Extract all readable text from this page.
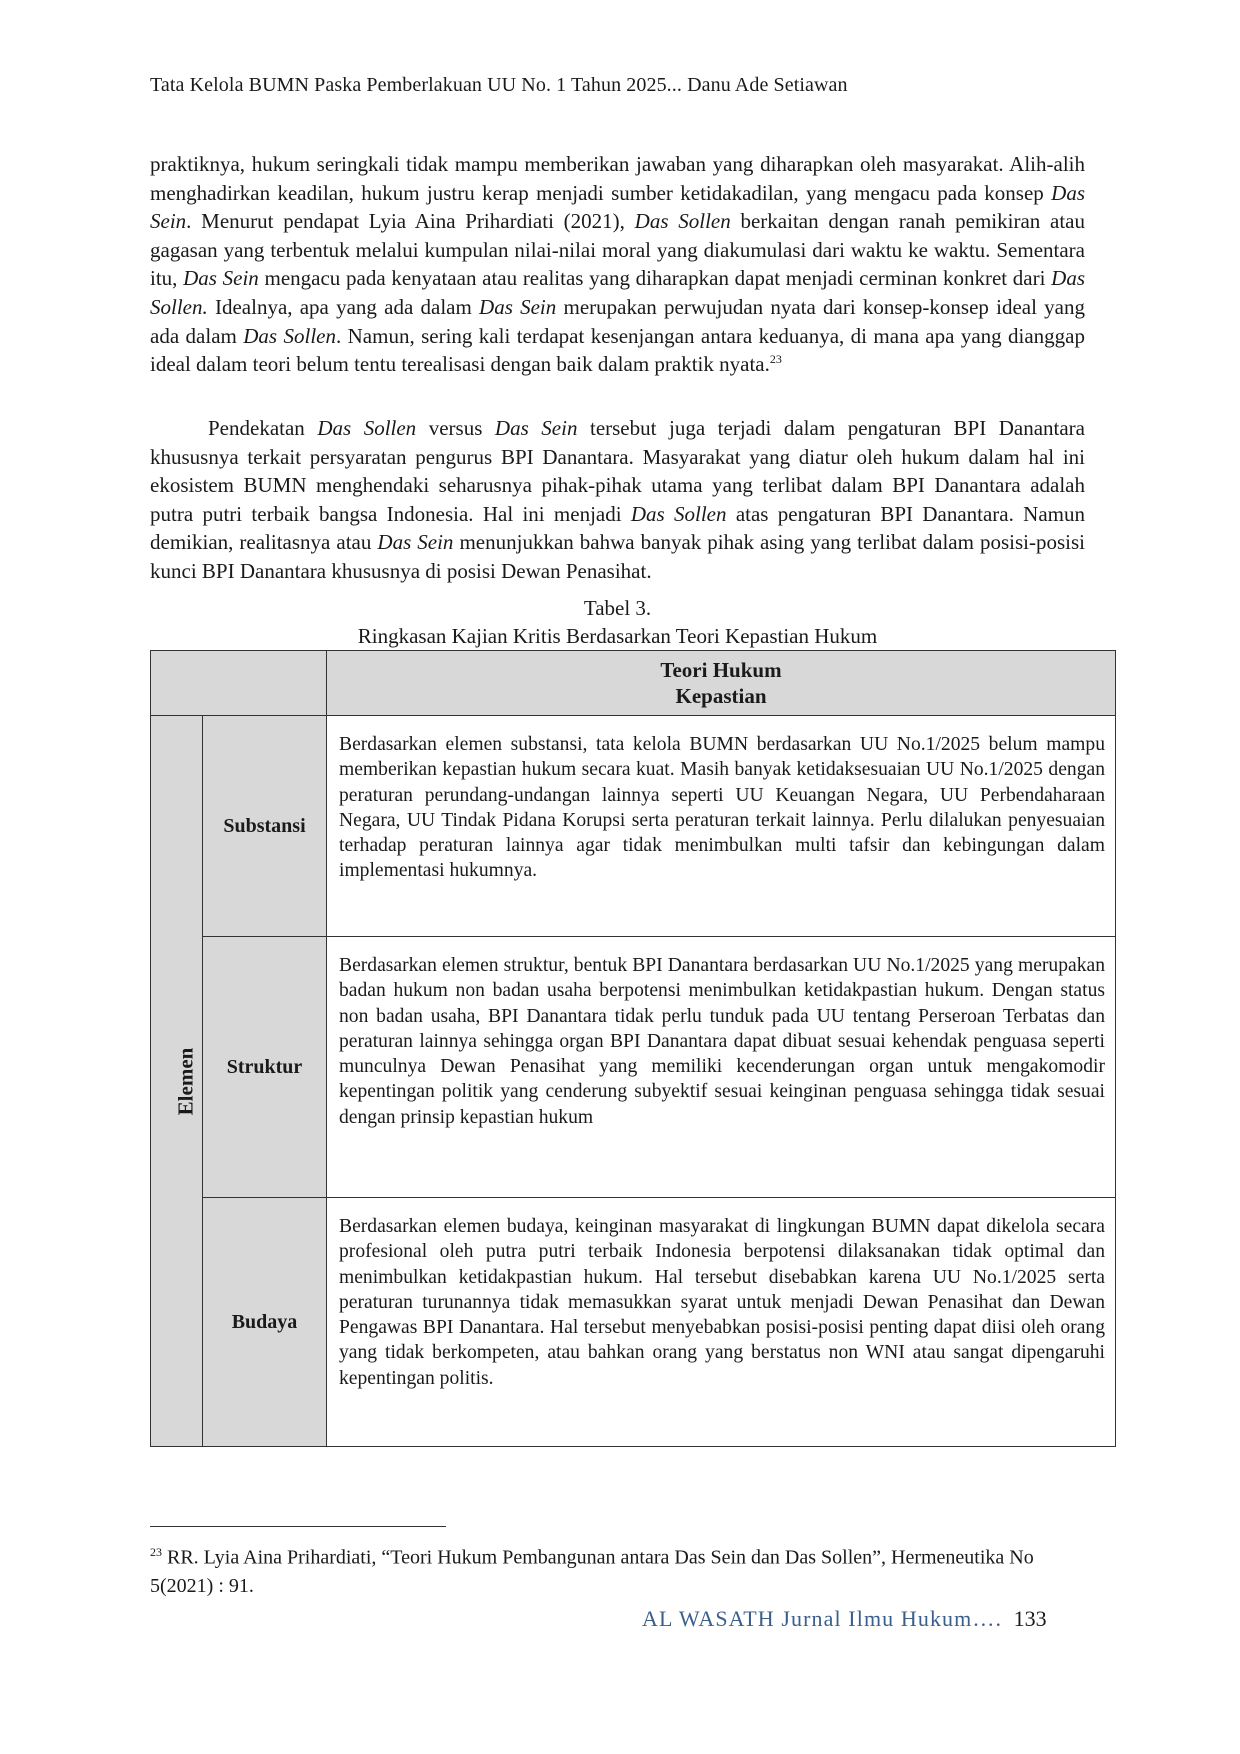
Tata Kelola BUMN Paska Pemberlakuan UU No. 1 Tahun 2025... Danu Ade Setiawan
praktiknya, hukum seringkali tidak mampu memberikan jawaban yang diharapkan oleh masyarakat. Alih-alih menghadirkan keadilan, hukum justru kerap menjadi sumber ketidakadilan, yang mengacu pada konsep Das Sein. Menurut pendapat Lyia Aina Prihardiati (2021), Das Sollen berkaitan dengan ranah pemikiran atau gagasan yang terbentuk melalui kumpulan nilai-nilai moral yang diakumulasi dari waktu ke waktu. Sementara itu, Das Sein mengacu pada kenyataan atau realitas yang diharapkan dapat menjadi cerminan konkret dari Das Sollen. Idealnya, apa yang ada dalam Das Sein merupakan perwujudan nyata dari konsep-konsep ideal yang ada dalam Das Sollen. Namun, sering kali terdapat kesenjangan antara keduanya, di mana apa yang dianggap ideal dalam teori belum tentu terealisasi dengan baik dalam praktik nyata.$^{23}$
Pendekatan Das Sollen versus Das Sein tersebut juga terjadi dalam pengaturan BPI Danantara khususnya terkait persyaratan pengurus BPI Danantara. Masyarakat yang diatur oleh hukum dalam hal ini ekosistem BUMN menghendaki seharusnya pihak-pihak utama yang terlibat dalam BPI Danantara adalah putra putri terbaik bangsa Indonesia. Hal ini menjadi Das Sollen atas pengaturan BPI Danantara. Namun demikian, realitasnya atau Das Sein menunjukkan bahwa banyak pihak asing yang terlibat dalam posisi-posisi kunci BPI Danantara khususnya di posisi Dewan Penasihat.
Tabel 3.
Ringkasan Kajian Kritis Berdasarkan Teori Kepastian Hukum

		Teori Hukum
Kepastian

Elemen	Substansi	Berdasarkan elemen substansi, tata kelola BUMN berdasarkan UU No.1/2025 belum mampu memberikan kepastian hukum secara kuat. Masih banyak ketidaksesuaian UU No.1/2025 dengan peraturan perundang-undangan lainnya seperti UU Keuangan Negara, UU Perbendaharaan Negara, UU Tindak Pidana Korupsi serta peraturan terkait lainnya. Perlu dilalukan penyesuaian terhadap peraturan lainnya agar tidak menimbulkan multi tafsir dan kebingungan dalam implementasi hukumnya.
	Struktur	Berdasarkan elemen struktur, bentuk BPI Danantara berdasarkan UU No.1/2025 yang merupakan badan hukum non badan usaha berpotensi menimbulkan ketidakpastian hukum. Dengan status non badan usaha, BPI Danantara tidak perlu tunduk pada UU tentang Perseroan Terbatas dan peraturan lainnya sehingga organ BPI Danantara dapat dibuat sesuai kehendak penguasa seperti munculnya Dewan Penasihat yang memiliki kecenderungan organ untuk mengakomodir kepentingan politik yang cenderung subyektif sesuai keinginan penguasa sehingga tidak sesuai dengan prinsip kepastian hukum
	Budaya	Berdasarkan elemen budaya, keinginan masyarakat di lingkungan BUMN dapat dikelola secara profesional oleh putra putri terbaik Indonesia berpotensi dilaksanakan tidak optimal dan menimbulkan ketidakpastian hukum. Hal tersebut disebabkan karena UU No.1/2025 serta peraturan turunannya tidak memasukkan syarat untuk menjadi Dewan Penasihat dan Dewan Pengawas BPI Danantara. Hal tersebut menyebabkan posisi-posisi penting dapat diisi oleh orang yang tidak berkompeten, atau bahkan orang yang berstatus non WNI atau sangat dipengaruhi kepentingan politis.
$^{23}$ RR. Lyia Aina Prihardiati, “Teori Hukum Pembangunan antara Das Sein dan Das Sollen”, Hermeneutika No 5(2021) : 91.
AL WASATH Jurnal Ilmu Hukum…. 133
